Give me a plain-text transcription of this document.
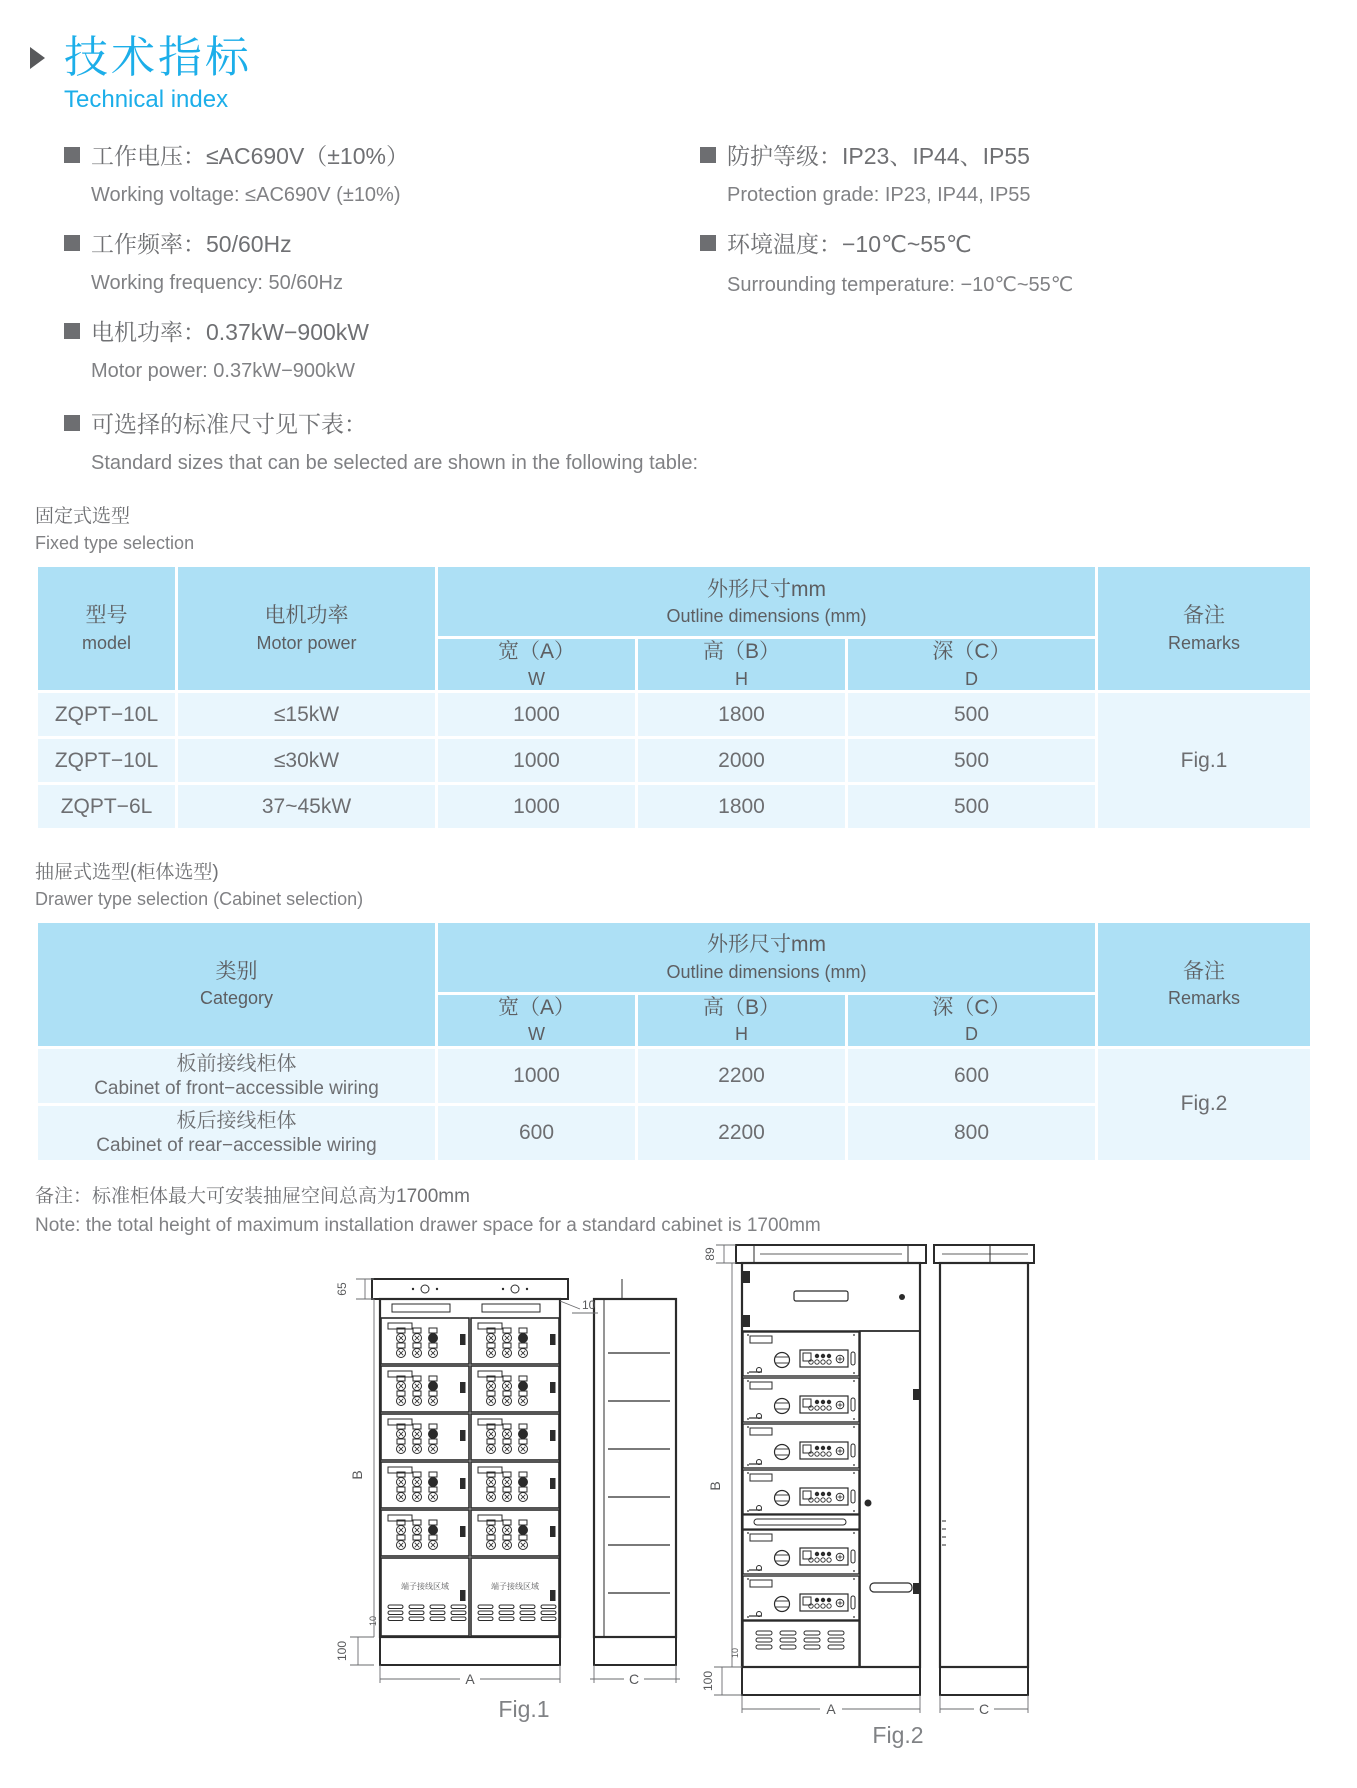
技术指标
Technical index
工作电压：≤AC690V（±10%）
Working voltage: ≤AC690V (±10%)
工作频率：50/60Hz
Working frequency: 50/60Hz
电机功率：0.37kW−900kW
Motor power: 0.37kW−900kW
防护等级：IP23、IP44、IP55
Protection grade: IP23, IP44, IP55
环境温度：−10℃~55℃
Surrounding temperature: −10℃~55℃
可选择的标准尺寸见下表：
Standard sizes that can be selected are shown in the following table:
固定式选型
Fixed type selection
型号
model	电机功率
Motor power	外形尺寸mm
Outline dimensions (mm)			备注
Remarks

		宽（A）
W	高（B）
H	深（C）
D	

ZQPT−10L	≤15kW	1000	1800	500	Fig.1
ZQPT−10L	≤30kW	1000	2000	500	
ZQPT−6L	37~45kW	1000	1800	500	
抽屉式选型(柜体选型)
Drawer type selection (Cabinet selection)
类别
Category	外形尺寸mm
Outline dimensions (mm)			备注
Remarks

	宽（A）
W	高（B）
H	深（C）
D	

板前接线柜体
Cabinet of front−accessible wiring	1000	2200	600	Fig.2

板后接线柜体
Cabinet of rear−accessible wiring	600	2200	800	
备注：标准柜体最大可安装抽屉空间总高为1700mm
Note: the total height of maximum installation drawer space for a standard cabinet is 1700mm
端子接线区域
65
10
B
10
100
A	C
Fig.1
89
B
10
100
A	C
Fig.2
